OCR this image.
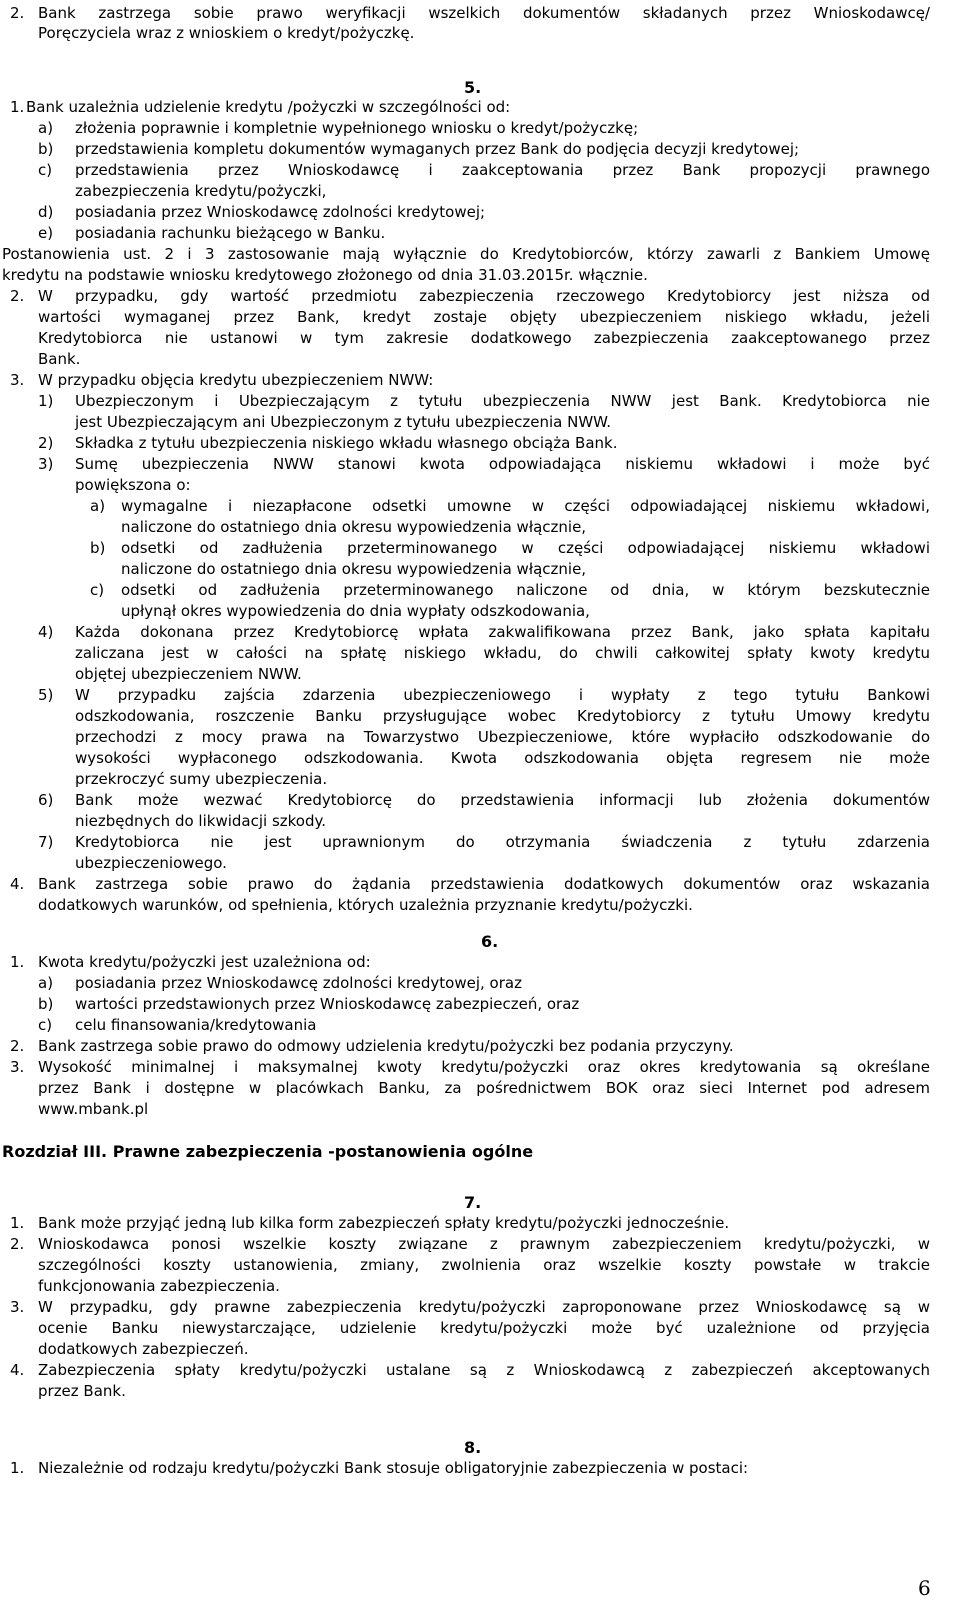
2. Bank zastrzega sobie prawo weryfikacji wszelkich dokumentów składanych przez Wnioskodawcę/
Poręczyciela wraz z wnioskiem o kredyt/pożyczkę.
5.
1. Bank uzależnia udzielenie kredytu /pożyczki w szczególności od:
a) złożenia poprawnie i kompletnie wypełnionego wniosku o kredyt/pożyczkę;
b) przedstawienia kompletu dokumentów wymaganych przez Bank do podjęcia decyzji kredytowej;
c) przedstawienia przez Wnioskodawcę i zaakceptowania przez Bank propozycji prawnego
zabezpieczenia kredytu/pożyczki,
d) posiadania przez Wnioskodawcę zdolności kredytowej;
e) posiadania rachunku bieżącego w Banku.
Postanowienia ust. 2 i 3 zastosowanie mają wyłącznie do Kredytobiorców, którzy zawarli z Bankiem Umowę
kredytu na podstawie wniosku kredytowego złożonego od dnia 31.03.2015r. włącznie.
2. W przypadku, gdy wartość przedmiotu zabezpieczenia rzeczowego Kredytobiorcy jest niższa od
wartości wymaganej przez Bank, kredyt zostaje objęty ubezpieczeniem niskiego wkładu, jeżeli
Kredytobiorca nie ustanowi w tym zakresie dodatkowego zabezpieczenia zaakceptowanego przez
Bank.
3. W przypadku objęcia kredytu ubezpieczeniem NWW:
1) Ubezpieczonym i Ubezpieczającym z tytułu ubezpieczenia NWW jest Bank. Kredytobiorca nie
jest Ubezpieczającym ani Ubezpieczonym z tytułu ubezpieczenia NWW.
2) Składka z tytułu ubezpieczenia niskiego wkładu własnego obciąża Bank.
3) Sumę ubezpieczenia NWW stanowi kwota odpowiadająca niskiemu wkładowi i może być
powiększona o:
a) wymagalne i niezapłacone odsetki umowne w części odpowiadającej niskiemu wkładowi,
naliczone do ostatniego dnia okresu wypowiedzenia włącznie,
b) odsetki od zadłużenia przeterminowanego w części odpowiadającej niskiemu wkładowi
naliczone do ostatniego dnia okresu wypowiedzenia włącznie,
c) odsetki od zadłużenia przeterminowanego naliczone od dnia, w którym bezskutecznie
upłynął okres wypowiedzenia do dnia wypłaty odszkodowania,
4) Każda dokonana przez Kredytobiorcę wpłata zakwalifikowana przez Bank, jako spłata kapitału
zaliczana jest w całości na spłatę niskiego wkładu, do chwili całkowitej spłaty kwoty kredytu
objętej ubezpieczeniem NWW.
5) W przypadku zajścia zdarzenia ubezpieczeniowego i wypłaty z tego tytułu Bankowi
odszkodowania, roszczenie Banku przysługujące wobec Kredytobiorcy z tytułu Umowy kredytu
przechodzi z mocy prawa na Towarzystwo Ubezpieczeniowe, które wypłaciło odszkodowanie do
wysokości wypłaconego odszkodowania. Kwota odszkodowania objęta regresem nie może
przekroczyć sumy ubezpieczenia.
6) Bank może wezwać Kredytobiorcę do przedstawienia informacji lub złożenia dokumentów
niezbędnych do likwidacji szkody.
7) Kredytobiorca nie jest uprawnionym do otrzymania świadczenia z tytułu zdarzenia
ubezpieczeniowego.
4. Bank zastrzega sobie prawo do żądania przedstawienia dodatkowych dokumentów oraz wskazania
dodatkowych warunków, od spełnienia, których uzależnia przyznanie kredytu/pożyczki.
6.
1. Kwota kredytu/pożyczki jest uzależniona od:
a) posiadania przez Wnioskodawcę zdolności kredytowej, oraz
b) wartości przedstawionych przez Wnioskodawcę zabezpieczeń, oraz
c) celu finansowania/kredytowania
2. Bank zastrzega sobie prawo do odmowy udzielenia kredytu/pożyczki bez podania przyczyny.
3. Wysokość minimalnej i maksymalnej kwoty kredytu/pożyczki oraz okres kredytowania są określane
przez Bank i dostępne w placówkach Banku, za pośrednictwem BOK oraz sieci Internet pod adresem
www.mbank.pl
Rozdział III. Prawne zabezpieczenia -postanowienia ogólne
7.
1. Bank może przyjąć jedną lub kilka form zabezpieczeń spłaty kredytu/pożyczki jednocześnie.
2. Wnioskodawca ponosi wszelkie koszty związane z prawnym zabezpieczeniem kredytu/pożyczki, w
szczególności koszty ustanowienia, zmiany, zwolnienia oraz wszelkie koszty powstałe w trakcie
funkcjonowania zabezpieczenia.
3. W przypadku, gdy prawne zabezpieczenia kredytu/pożyczki zaproponowane przez Wnioskodawcę są w
ocenie Banku niewystarczające, udzielenie kredytu/pożyczki może być uzależnione od przyjęcia
dodatkowych zabezpieczeń.
4. Zabezpieczenia spłaty kredytu/pożyczki ustalane są z Wnioskodawcą z zabezpieczeń akceptowanych
przez Bank.
8.
1. Niezależnie od rodzaju kredytu/pożyczki Bank stosuje obligatoryjnie zabezpieczenia w postaci:
6
